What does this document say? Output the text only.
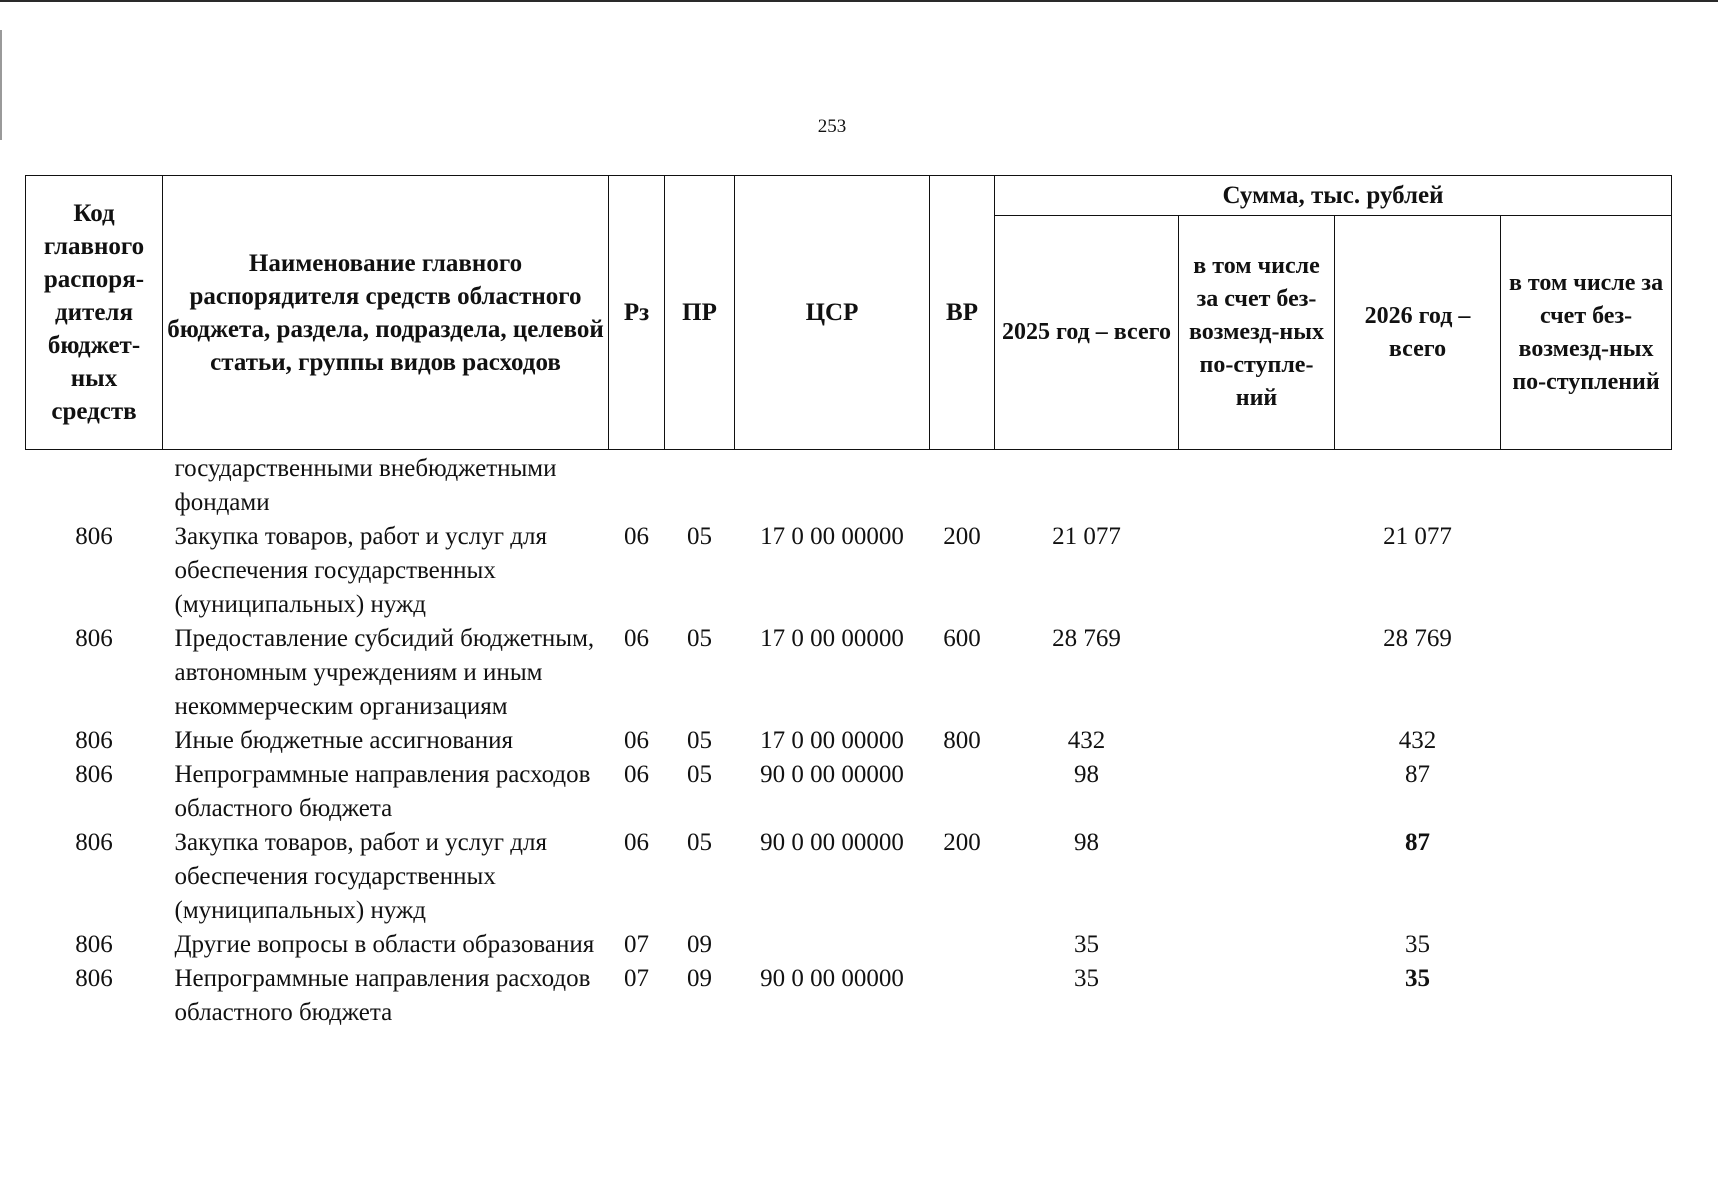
253
Код главного распоря-дителя бюджет-ных средств	Наименование главного распорядителя средств областного бюджета, раздела, подраздела, целевой статьи, группы видов расходов	Рз	ПР	ЦСР	ВР	Сумма, тыс. рублей			
						2025 год – всего	в том числе за счет без-возмезд-ных по-ступле-ний	2026 год – всего	в том числе за счет без-возмезд-ных по-ступлений
	государственными внебюджетными фондами								
806	Закупка товаров, работ и услуг для обеспечения государственных (муниципальных) нужд	06	05	17 0 00 00000	200	21 077		21 077	
806	Предоставление субсидий бюджетным, автономным учреждениям и иным некоммерческим организациям	06	05	17 0 00 00000	600	28 769		28 769	
806	Иные бюджетные ассигнования	06	05	17 0 00 00000	800	432		432	
806	Непрограммные направления расходов областного бюджета	06	05	90 0 00 00000		98		87	
806	Закупка товаров, работ и услуг для обеспечения государственных (муниципальных) нужд	06	05	90 0 00 00000	200	98		87	
806	Другие вопросы в области образования	07	09			35		35	
806	Непрограммные направления расходов областного бюджета	07	09	90 0 00 00000		35		35	
